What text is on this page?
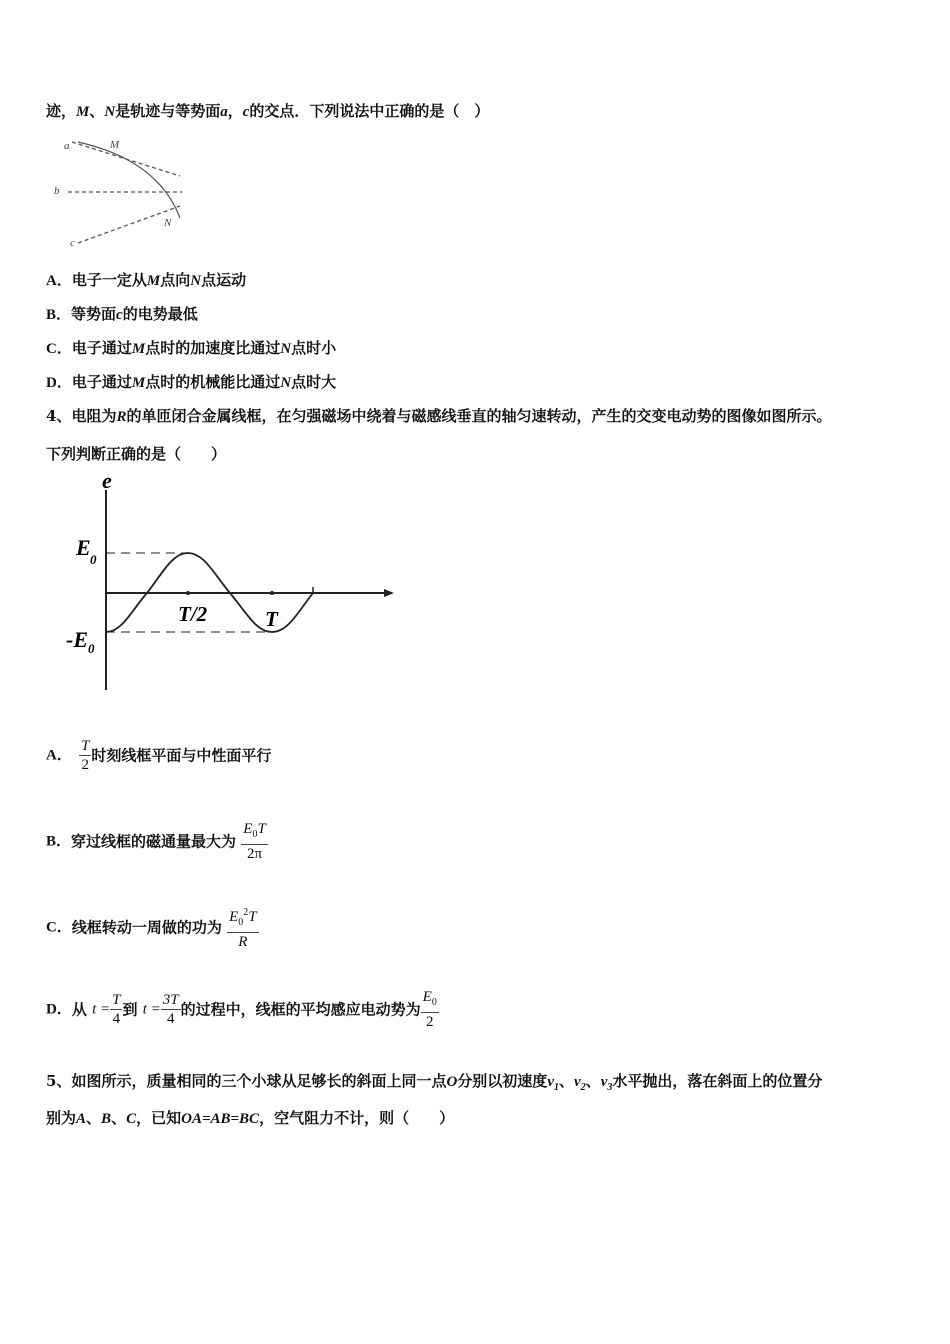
迹，M、N是轨迹与等势面a，c的交点．下列说法中正确的是（　）
a	M
b
N
c
A．电子一定从M点向N点运动
B．等势面c的电势最低
C．电子通过M点时的加速度比通过N点时小
D．电子通过M点时的机械能比通过N点时大
4、电阻为R的单匝闭合金属线框，在匀强磁场中绕着与磁感线垂直的轴匀速转动，产生的交变电动势的图像如图所示。
下列判断正确的是（　　）
e
E 0
-E 0
T/2	T
A． $\frac{T}{2}$ 时刻线框平面与中性面平行
B．穿过线框的磁通量最大为 $\frac{E_0T}{2\pi}$
C．线框转动一周做的功为 $\frac{E_0^2T}{R}$
D．从 $t = \frac{T}{4}$ 到 $t = \frac{3T}{4}$ 的过程中，线框的平均感应电动势为 $\frac{E_0}{2}$
5、如图所示，质量相同的三个小球从足够长的斜面上同一点O分别以初速度$v_1$、$v_2$、$v_3$水平抛出，落在斜面上的位置分
别为A、B、C，已知OA=AB=BC，空气阻力不计，则（　　）
